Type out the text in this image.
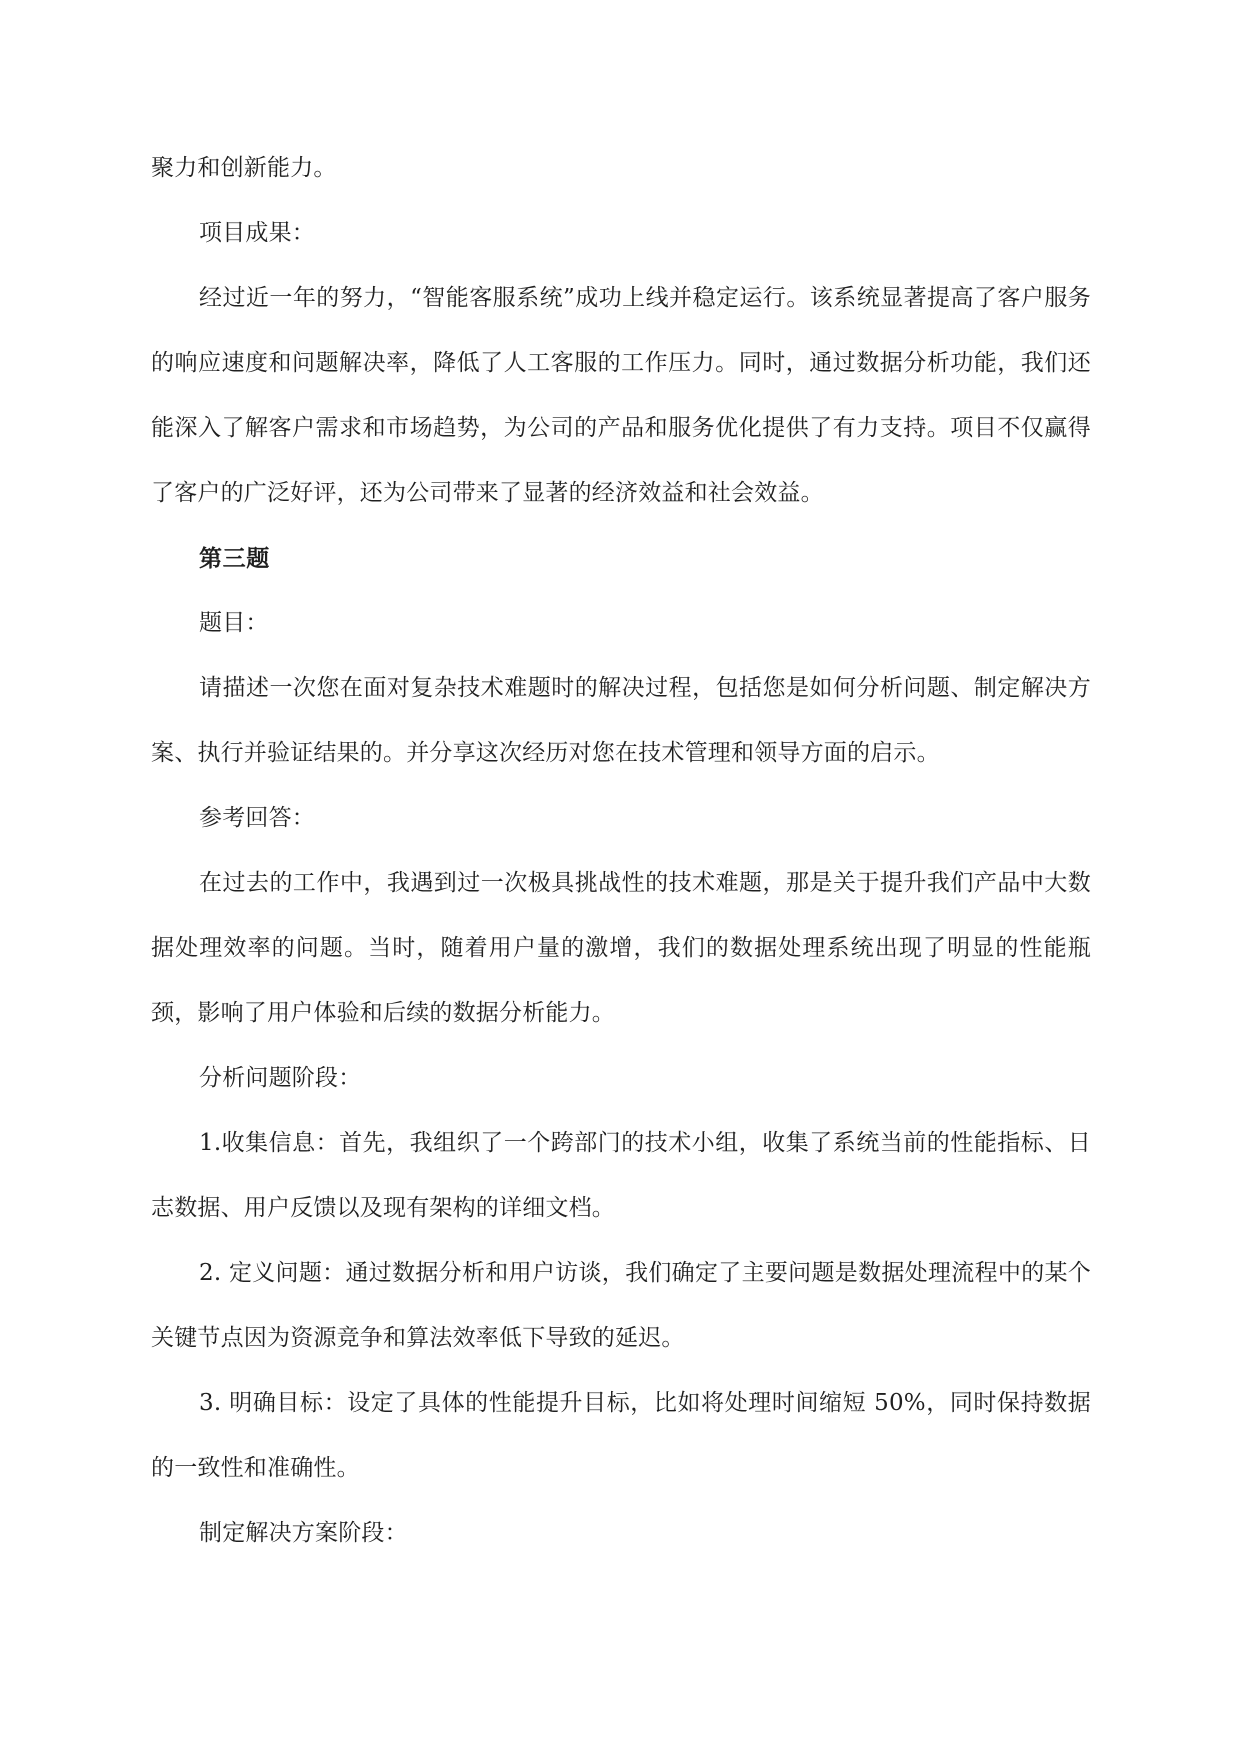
聚力和创新能力。

项目成果：

经过近一年的努力，“智能客服系统”成功上线并稳定运行。该系统显著提高了客户服务的响应速度和问题解决率，降低了人工客服的工作压力。同时，通过数据分析功能，我们还能深入了解客户需求和市场趋势，为公司的产品和服务优化提供了有力支持。项目不仅赢得了客户的广泛好评，还为公司带来了显著的经济效益和社会效益。

第三题

题目：

请描述一次您在面对复杂技术难题时的解决过程，包括您是如何分析问题、制定解决方案、执行并验证结果的。并分享这次经历对您在技术管理和领导方面的启示。

参考回答：

在过去的工作中，我遇到过一次极具挑战性的技术难题，那是关于提升我们产品中大数据处理效率的问题。当时，随着用户量的激增，我们的数据处理系统出现了明显的性能瓶颈，影响了用户体验和后续的数据分析能力。

分析问题阶段：

1.收集信息：首先，我组织了一个跨部门的技术小组，收集了系统当前的性能指标、日志数据、用户反馈以及现有架构的详细文档。

2. 定义问题：通过数据分析和用户访谈，我们确定了主要问题是数据处理流程中的某个关键节点因为资源竞争和算法效率低下导致的延迟。

3. 明确目标：设定了具体的性能提升目标，比如将处理时间缩短 50%，同时保持数据的一致性和准确性。

制定解决方案阶段：
